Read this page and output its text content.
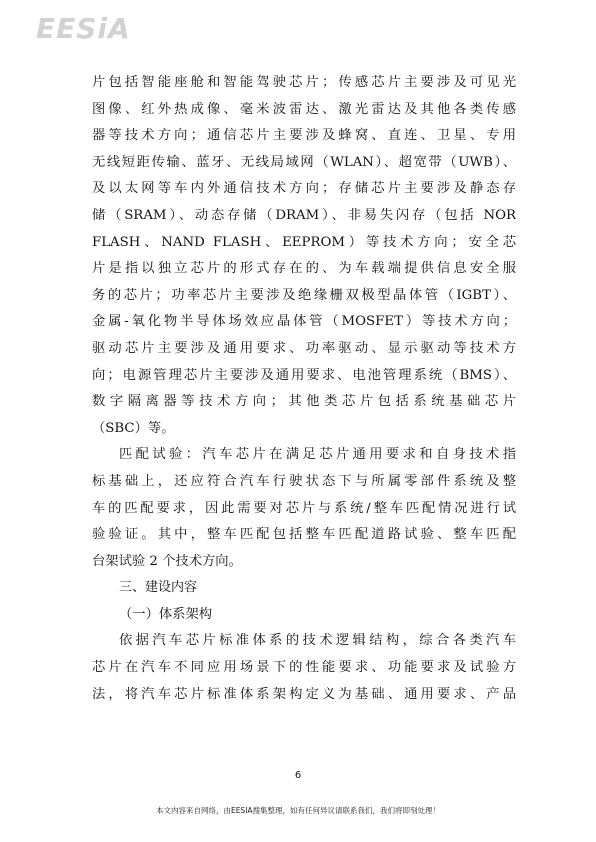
EESiA
片包括智能座舱和智能驾驶芯片；传感芯片主要涉及可见光
图像、红外热成像、毫米波雷达、激光雷达及其他各类传感
器等技术方向；通信芯片主要涉及蜂窝、直连、卫星、专用
无线短距传输、蓝牙、无线局域网（WLAN）、超宽带（UWB）、
及以太网等车内外通信技术方向；存储芯片主要涉及静态存
储（SRAM）、动态存储（DRAM）、非易失闪存（包括 NOR
FLASH、NAND FLASH、EEPROM）等技术方向；安全芯
片是指以独立芯片的形式存在的、为车载端提供信息安全服
务的芯片；功率芯片主要涉及绝缘栅双极型晶体管（IGBT）、
金属-氧化物半导体场效应晶体管（MOSFET）等技术方向；
驱动芯片主要涉及通用要求、功率驱动、显示驱动等技术方
向；电源管理芯片主要涉及通用要求、电池管理系统（BMS）、
数字隔离器等技术方向；其他类芯片包括系统基础芯片
（SBC）等。
匹配试验：汽车芯片在满足芯片通用要求和自身技术指
标基础上，还应符合汽车行驶状态下与所属零部件系统及整
车的匹配要求，因此需要对芯片与系统/整车匹配情况进行试
验验证。其中，整车匹配包括整车匹配道路试验、整车匹配
台架试验 2 个技术方向。
三、建设内容
（一）体系架构
依据汽车芯片标准体系的技术逻辑结构，综合各类汽车
芯片在汽车不同应用场景下的性能要求、功能要求及试验方
法，将汽车芯片标准体系架构定义为基础、通用要求、产品
6
本文内容来自网络，由EESIA搜集整理，如有任何异议请联系我们，我们将即刻处理！
